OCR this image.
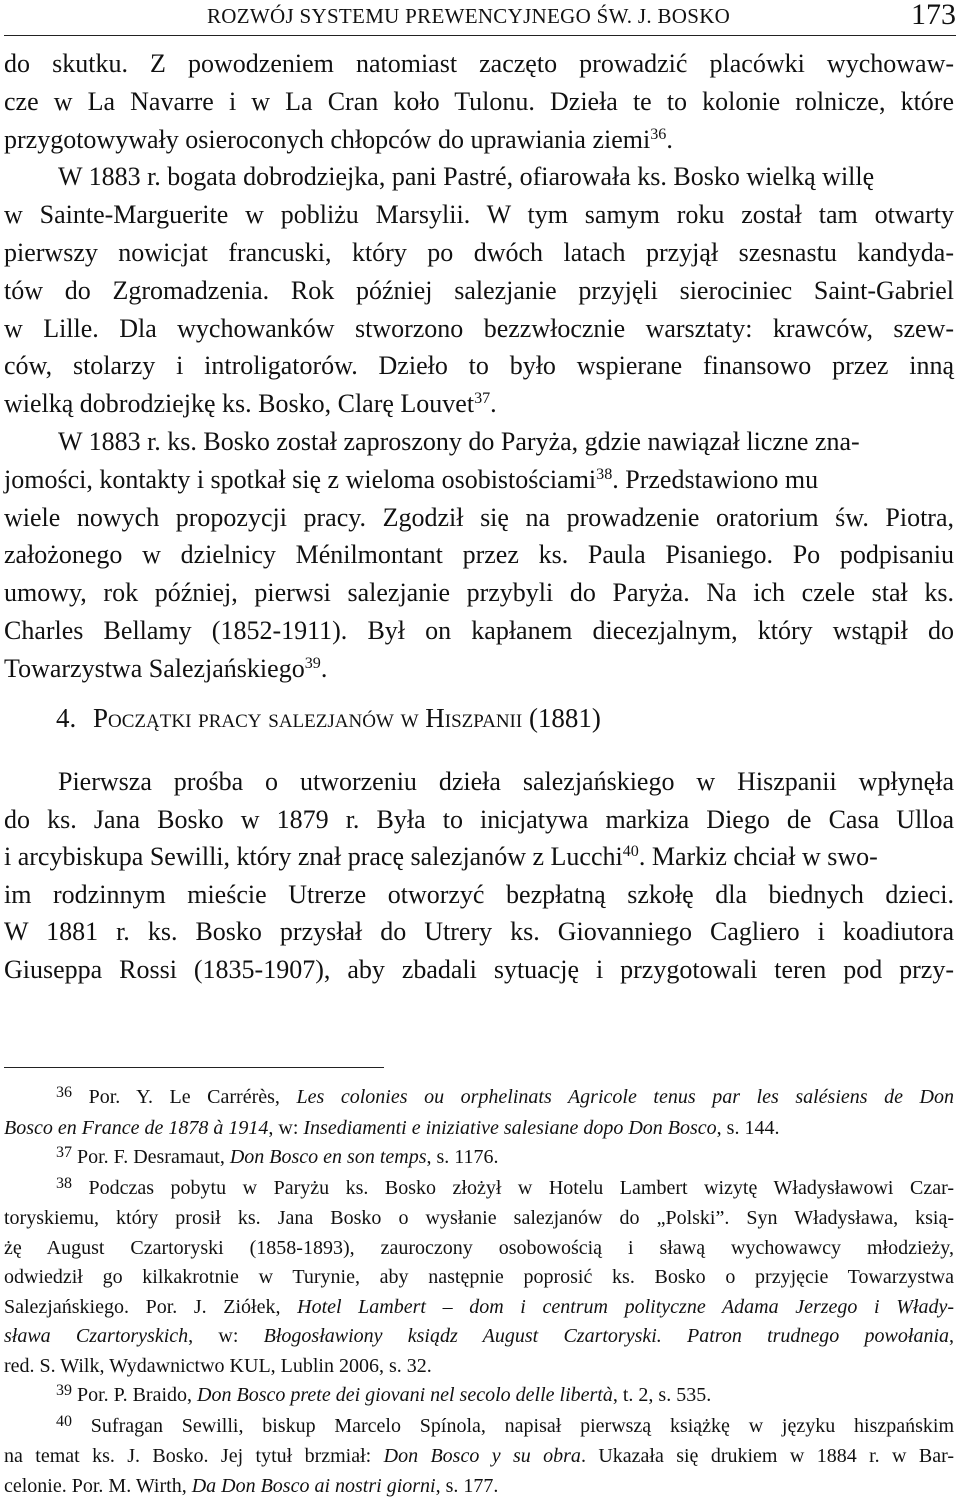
ROZWÓJ SYSTEMU PREWENCYJNEGO ŚW. J. BOSKO	173
do skutku. Z powodzeniem natomiast zaczęto prowadzić placówki wychowaw-
cze w La Navarre i w La Cran koło Tulonu. Dzieła te to kolonie rolnicze, które
przygotowywały osieroconych chłopców do uprawiania ziemi$^{36}$.
W 1883 r. bogata dobrodziejka, pani Pastré, ofiarowała ks. Bosko wielką willę
w Sainte-Marguerite w pobliżu Marsylii. W tym samym roku został tam otwarty
pierwszy nowicjat francuski, który po dwóch latach przyjął szesnastu kandyda-
tów do Zgromadzenia. Rok później salezjanie przyjęli sierociniec Saint-Gabriel
w Lille. Dla wychowanków stworzono bezzwłocznie warsztaty: krawców, szew-
ców, stolarzy i introligatorów. Dzieło to było wspierane finansowo przez inną
wielką dobrodziejkę ks. Bosko, Clarę Louvet$^{37}$.
W 1883 r. ks. Bosko został zaproszony do Paryża, gdzie nawiązał liczne zna-
jomości, kontakty i spotkał się z wieloma osobistościami$^{38}$. Przedstawiono mu
wiele nowych propozycji pracy. Zgodził się na prowadzenie oratorium św. Piotra,
założonego w dzielnicy Ménilmontant przez ks. Paula Pisaniego. Po podpisaniu
umowy, rok później, pierwsi salezjanie przybyli do Paryża. Na ich czele stał ks.
Charles Bellamy (1852-1911). Był on kapłanem diecezjalnym, który wstąpił do
Towarzystwa Salezjańskiego$^{39}$.
4. Początki pracy salezjanów w Hiszpanii (1881)
Pierwsza prośba o utworzeniu dzieła salezjańskiego w Hiszpanii wpłynęła
do ks. Jana Bosko w 1879 r. Była to inicjatywa markiza Diego de Casa Ulloa
i arcybiskupa Sewilli, który znał pracę salezjanów z Lucchi$^{40}$. Markiz chciał w swo-
im rodzinnym mieście Utrerze otworzyć bezpłatną szkołę dla biednych dzieci.
W 1881 r. ks. Bosko przysłał do Utrery ks. Giovanniego Cagliero i koadiutora
Giuseppa Rossi (1835-1907), aby zbadali sytuację i przygotowali teren pod przy-
$^{36}$ Por. Y. Le Carrérès, Les colonies ou orphelinats Agricole tenus par les salésiens de Don
Bosco en France de 1878 à 1914, w: Insediamenti e iniziative salesiane dopo Don Bosco, s. 144.
$^{37}$ Por. F. Desramaut, Don Bosco en son temps, s. 1176.
$^{38}$ Podczas pobytu w Paryżu ks. Bosko złożył w Hotelu Lambert wizytę Władysławowi Czar-
toryskiemu, który prosił ks. Jana Bosko o wysłanie salezjanów do „Polski”. Syn Władysława, ksią-
żę August Czartoryski (1858-1893), zauroczony osobowością i sławą wychowawcy młodzieży,
odwiedził go kilkakrotnie w Turynie, aby następnie poprosić ks. Bosko o przyjęcie Towarzystwa
Salezjańskiego. Por. J. Ziółek, Hotel Lambert – dom i centrum polityczne Adama Jerzego i Włady-
sława Czartoryskich, w: Błogosławiony ksiądz August Czartoryski. Patron trudnego powołania,
red. S. Wilk, Wydawnictwo KUL, Lublin 2006, s. 32.
$^{39}$ Por. P. Braido, Don Bosco prete dei giovani nel secolo delle libertà, t. 2, s. 535.
$^{40}$ Sufragan Sewilli, biskup Marcelo Spínola, napisał pierwszą książkę w języku hiszpańskim
na temat ks. J. Bosko. Jej tytuł brzmiał: Don Bosco y su obra. Ukazała się drukiem w 1884 r. w Bar-
celonie. Por. M. Wirth, Da Don Bosco ai nostri giorni, s. 177.
